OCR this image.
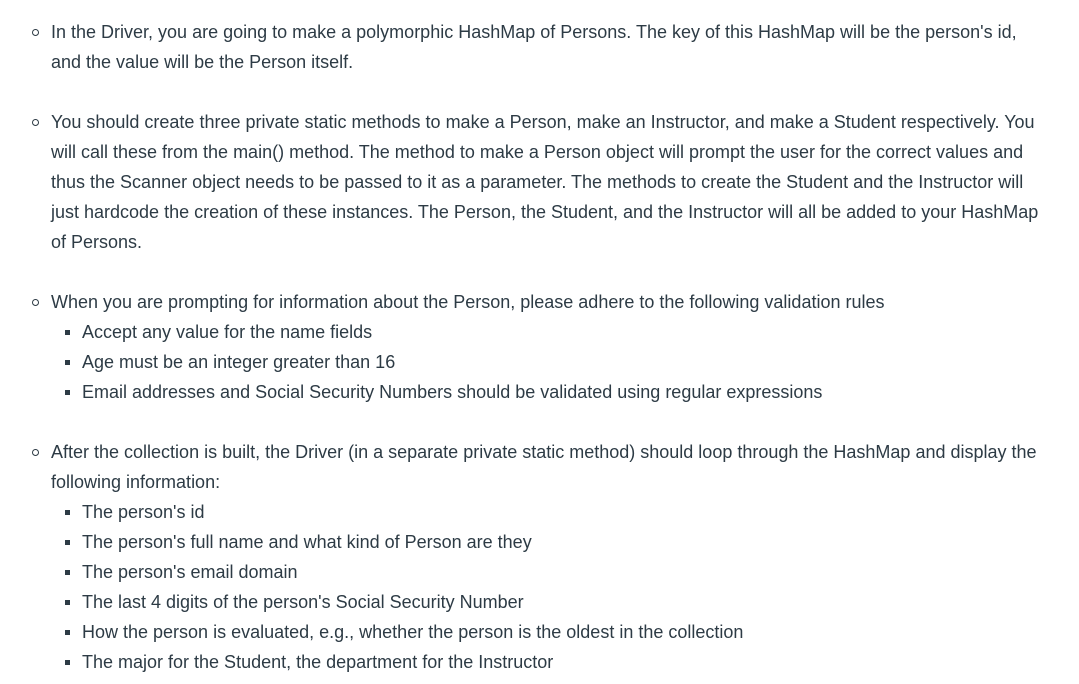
In the Driver, you are going to make a polymorphic HashMap of Persons. The key of this HashMap will be the person's id, and the value will be the Person itself.
You should create three private static methods to make a Person, make an Instructor, and make a Student respectively. You will call these from the main() method. The method to make a Person object will prompt the user for the correct values and thus the Scanner object needs to be passed to it as a parameter. The methods to create the Student and the Instructor will just hardcode the creation of these instances. The Person, the Student, and the Instructor will all be added to your HashMap of Persons.
When you are prompting for information about the Person, please adhere to the following validation rules
Accept any value for the name fields
Age must be an integer greater than 16
Email addresses and Social Security Numbers should be validated using regular expressions
After the collection is built, the Driver (in a separate private static method) should loop through the HashMap and display the following information:
The person's id
The person's full name and what kind of Person are they
The person's email domain
The last 4 digits of the person's Social Security Number
How the person is evaluated, e.g., whether the person is the oldest in the collection
The major for the Student, the department for the Instructor
